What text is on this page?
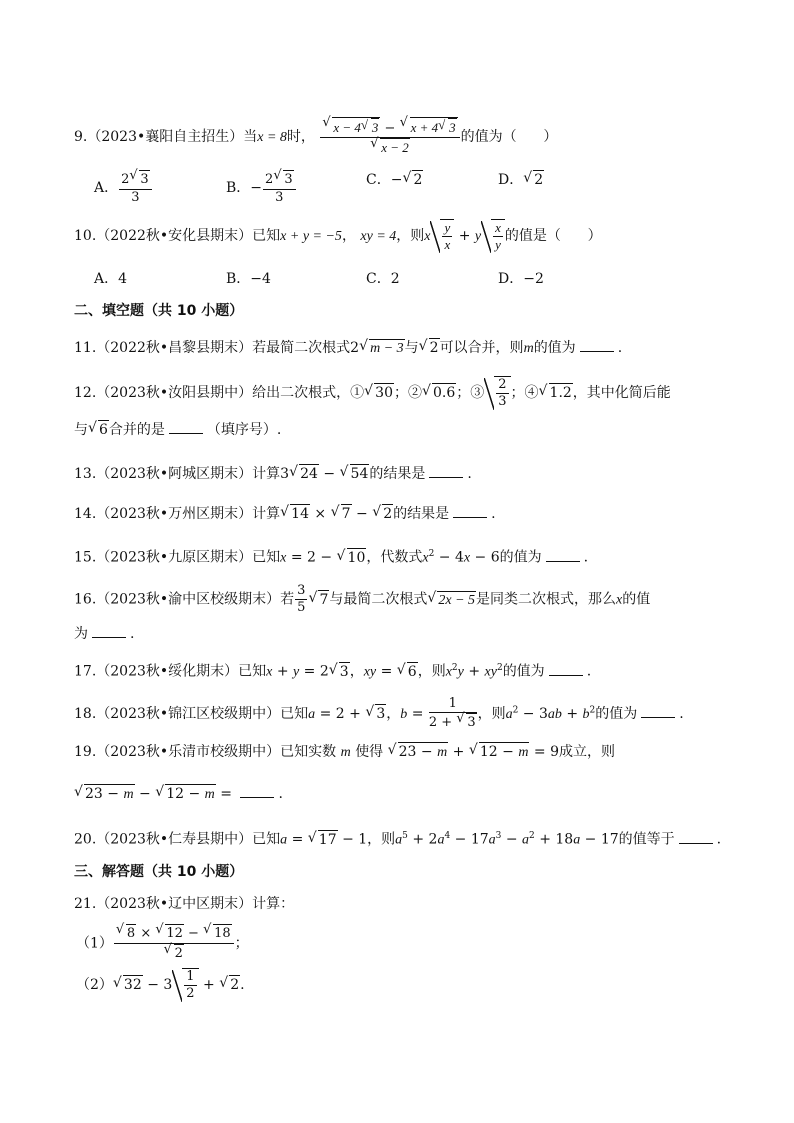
9.（2023•襄阳自主招生）当x = 8时， √ x − 4 √ 3 − √ x + 4 √ 3
√ x − 2 的值为（ ）
A． $\frac{2 √ 3}{3}$	B．− $\frac{2 √ 3}{3}$	C．− √ 2	D． √ 2
10.（2022秋•安化县期末）已知x + y = −5， xy = 4，则x $\frac{y}{x} + y \frac{x}{y}$ 的值是（ ）
A．4	B．−4	C．2	D．−2
二、填空题（共 10 小题）
11.（2022秋•昌黎县期末）若最简二次根式2 √ m − 3与 √ 2可以合并，则m的值为	.
12.（2023秋•汝阳县期中）给出二次根式，① √ 30；② √ 0.6；③ $\frac{2}{3}$ ；④ √ 1.2，其中化简后能
与 √ 6合并的是	（填序号）.
13.（2023秋•阿城区期末）计算3 √ 24 − √ 54的结果是	.
14.（2023秋•万州区期末）计算 √ 14 × √ 7 − √ 2的结果是	.
15.（2023秋•九原区期末）已知x = 2 − √ 10，代数式$x^2 - 4x - 6$的值为	.
16.（2023秋•渝中区校级期末）若 $\frac{3}{5}$ √ 7与最简二次根式 √ 2x − 5是同类二次根式，那么x的值
为	.
17.（2023秋•绥化期末）已知x + y = 2 √ 3，xy = √ 6，则$x^2y + xy^2$的值为	.
18.（2023秋•锦江区校级期中）已知a = 2 + √ 3，$b = \frac{1}{2 + √ 3}$ ，则$a^2 - 3ab + b^2$的值为	.
19.（2023秋•乐清市校级期中）已知实数 m 使得 √ 23 − m + √ 12 − m = 9成立，则
√ 23 − m − √ 12 − m =	.
20.（2023秋•仁寿县期中）已知a = √ 17 − 1，则$a^5 + 2a^4 - 17a^3 - a^2 + 18a - 17$的值等于	.
三、解答题（共 10 小题）
21.（2023秋•辽中区期末）计算：
（1） √ 8 × √ 12 − √ 18
√ 2 ；
（2） √ $32 - 3 \frac{1}{2}$ + √ 2.
